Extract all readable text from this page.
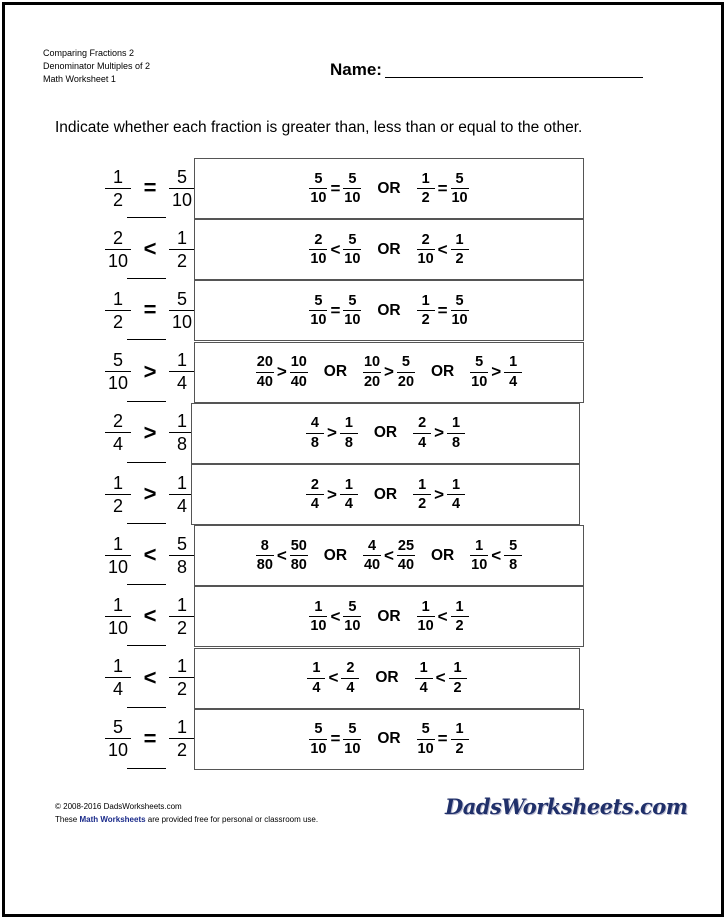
Comparing Fractions 2
Denominator Multiples of 2
Math Worksheet 1	Name:
Indicate whether each fraction is greater than, less than or equal to the other.
$\frac{1}{2} = \frac{5}{10}$	$\frac{5}{10} = \frac{5}{10}$ OR $\frac{1}{2} = \frac{5}{10}$
$\frac{2}{10} < \frac{1}{2}$	$\frac{2}{10} < \frac{5}{10}$ OR $\frac{2}{10} < \frac{1}{2}$
$\frac{1}{2} = \frac{5}{10}$	$\frac{5}{10} = \frac{5}{10}$ OR $\frac{1}{2} = \frac{5}{10}$
$\frac{5}{10} > \frac{1}{4}$	$\frac{20}{40} > \frac{10}{40}$ OR $\frac{10}{20} > \frac{5}{20}$ OR $\frac{5}{10} > \frac{1}{4}$
$\frac{2}{4} > \frac{1}{8}$	$\frac{4}{8} > \frac{1}{8}$ OR $\frac{2}{4} > \frac{1}{8}$
$\frac{1}{2} > \frac{1}{4}$	$\frac{2}{4} > \frac{1}{4}$ OR $\frac{1}{2} > \frac{1}{4}$
$\frac{1}{10} < \frac{5}{8}$	$\frac{8}{80} < \frac{50}{80}$ OR $\frac{4}{40} < \frac{25}{40}$ OR $\frac{1}{10} < \frac{5}{8}$
$\frac{1}{10} < \frac{1}{2}$	$\frac{1}{10} < \frac{5}{10}$ OR $\frac{1}{10} < \frac{1}{2}$
$\frac{1}{4} < \frac{1}{2}$	$\frac{1}{4} < \frac{2}{4}$ OR $\frac{1}{4} < \frac{1}{2}$
$\frac{5}{10} = \frac{1}{2}$	$\frac{5}{10} = \frac{5}{10}$ OR $\frac{5}{10} = \frac{1}{2}$
© 2008-2016 DadsWorksheets.com
These Math Worksheets are provided free for personal or classroom use.
DadsWorksheets.com
